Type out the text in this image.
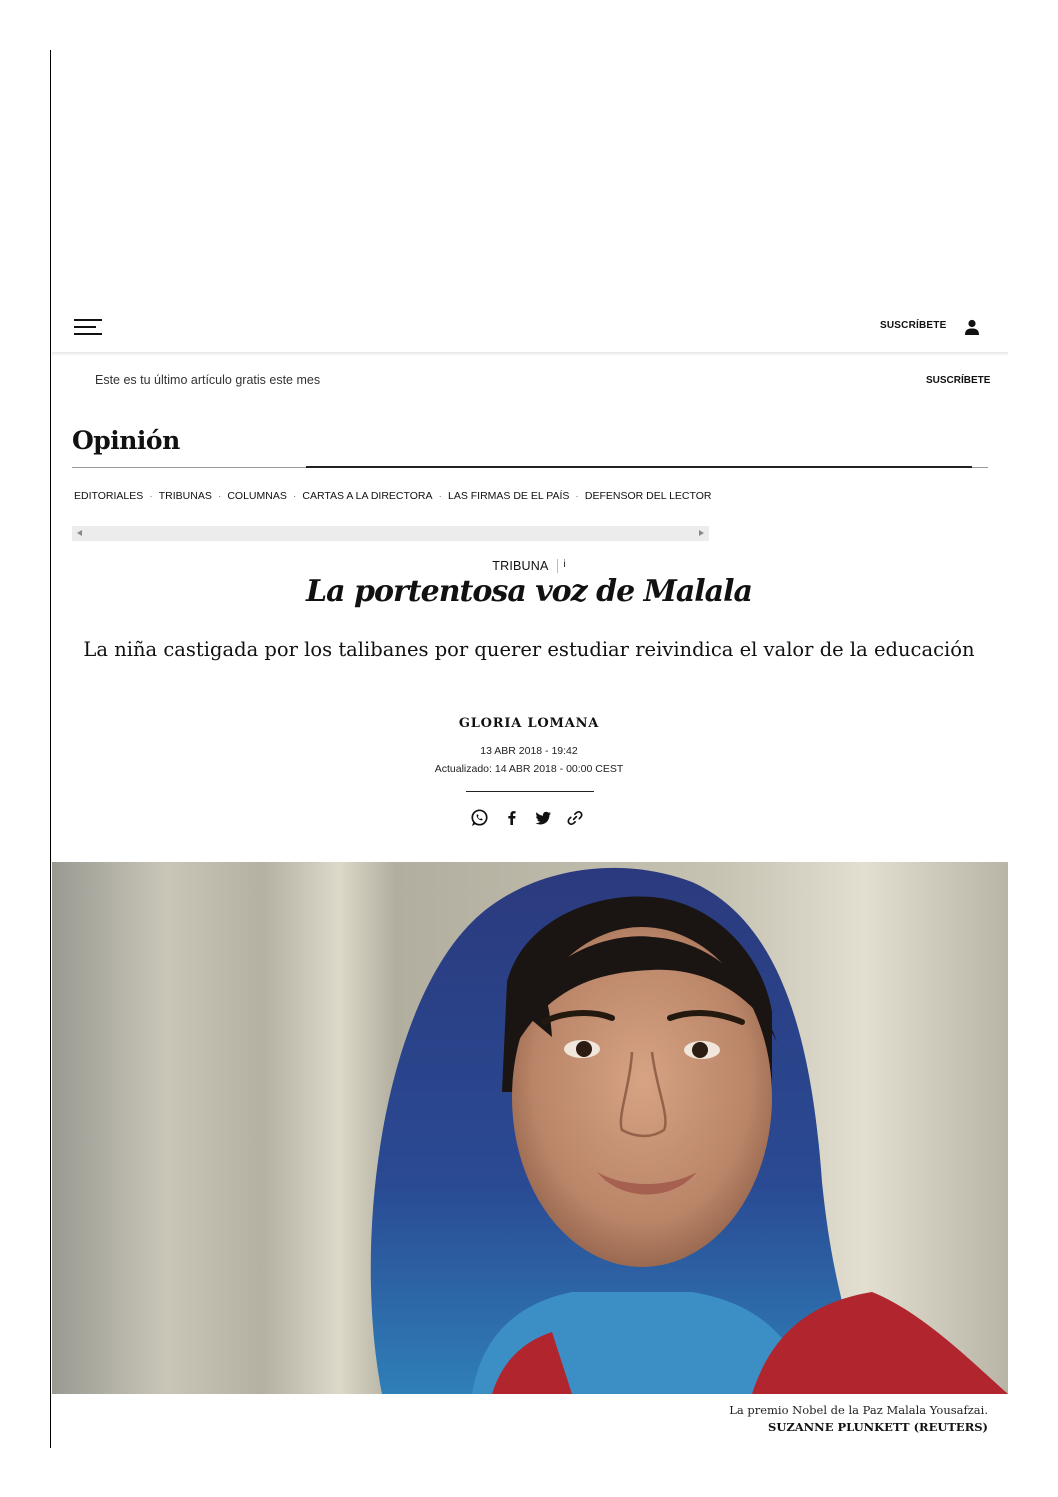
SUSCRÍBETE
Este es tu último artículo gratis este mes	SUSCRÍBETE
Opinión
EDITORIALES · TRIBUNAS · COLUMNAS · CARTAS A LA DIRECTORA · LAS FIRMAS DE EL PAÍS · DEFENSOR DEL LECTOR
TRIBUNA i
La portentosa voz de Malala

La niña castigada por los talibanes por querer estudiar reivindica el valor de la educación

GLORIA LOMANA
13 ABR 2018 - 19:42
Actualizado: 14 ABR 2018 - 00:00 CEST
La premio Nobel de la Paz Malala Yousafzai.
SUZANNE PLUNKETT (REUTERS)
